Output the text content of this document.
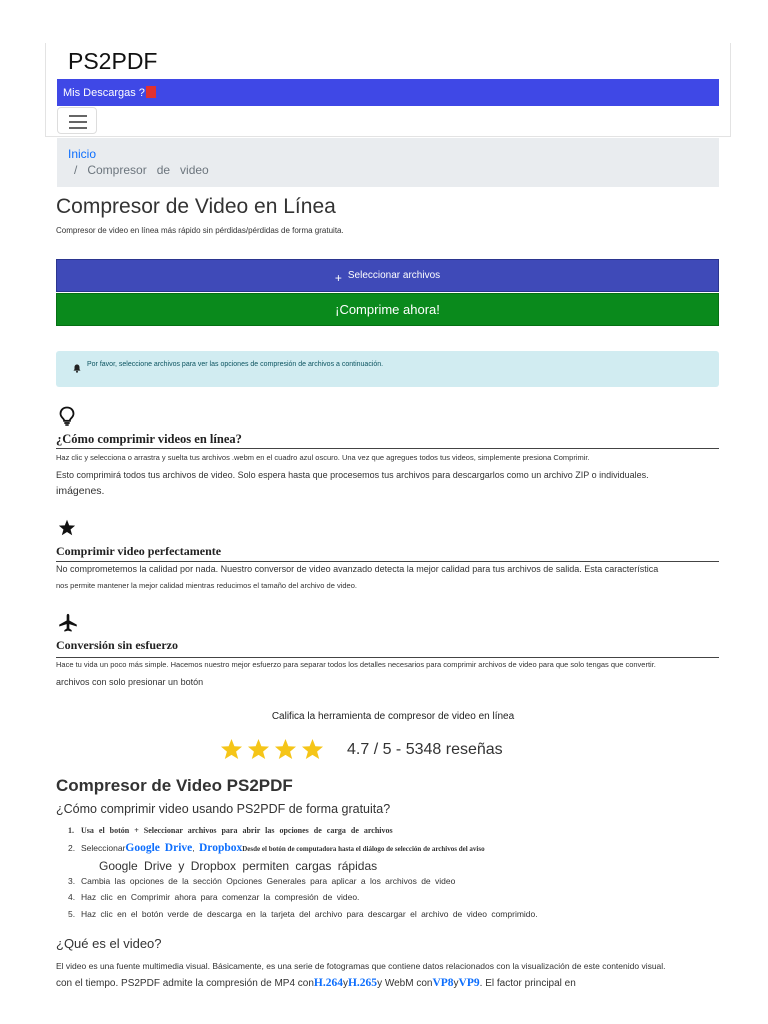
PS2PDF
Mis Descargas ?
Inicio
/   Compresor   de   video
Compresor de Video en Línea
Compresor de video en línea más rápido sin pérdidas/pérdidas de forma gratuita.
+ Seleccionar archivos
¡Comprime ahora!
Por favor, seleccione archivos para ver las opciones de compresión de archivos a continuación.
¿Cómo comprimir videos en línea?
Haz clic y selecciona o arrastra y suelta tus archivos .webm en el cuadro azul oscuro. Una vez que agregues todos tus videos, simplemente presiona Comprimir.
Esto comprimirá todos tus archivos de video. Solo espera hasta que procesemos tus archivos para descargarlos como un archivo ZIP o individuales.
imágenes.
Comprimir video perfectamente
No comprometemos la calidad por nada. Nuestro conversor de video avanzado detecta la mejor calidad para tus archivos de salida. Esta característica
nos permite mantener la mejor calidad mientras reducimos el tamaño del archivo de video.
Conversión sin esfuerzo
Hace tu vida un poco más simple. Hacemos nuestro mejor esfuerzo para separar todos los detalles necesarios para comprimir archivos de video para que solo tengas que convertir.
archivos con solo presionar un botón
Califica la herramienta de compresor de video en línea
4.7 / 5 - 5348 reseñas
Compresor de Video PS2PDF
¿Cómo comprimir video usando PS2PDF de forma gratuita?
1. Usa el botón + Seleccionar archivos para abrir las opciones de carga de archivos
2. SeleccionarGoogle Drive, DropboxDesde el botón de computadora hasta el diálogo de selección de archivos del aviso
Google Drive y Dropbox permiten cargas rápidas
3. Cambia las opciones de la sección Opciones Generales para aplicar a los archivos de video
4. Haz clic en Comprimir ahora para comenzar la compresión de video.
5. Haz clic en el botón verde de descarga en la tarjeta del archivo para descargar el archivo de video comprimido.
¿Qué es el video?
El video es una fuente multimedia visual. Básicamente, es una serie de fotogramas que contiene datos relacionados con la visualización de este contenido visual.
con el tiempo. PS2PDF admite la compresión de MP4 conH.264yH.265y WebM conVP8yVP9. El factor principal en
